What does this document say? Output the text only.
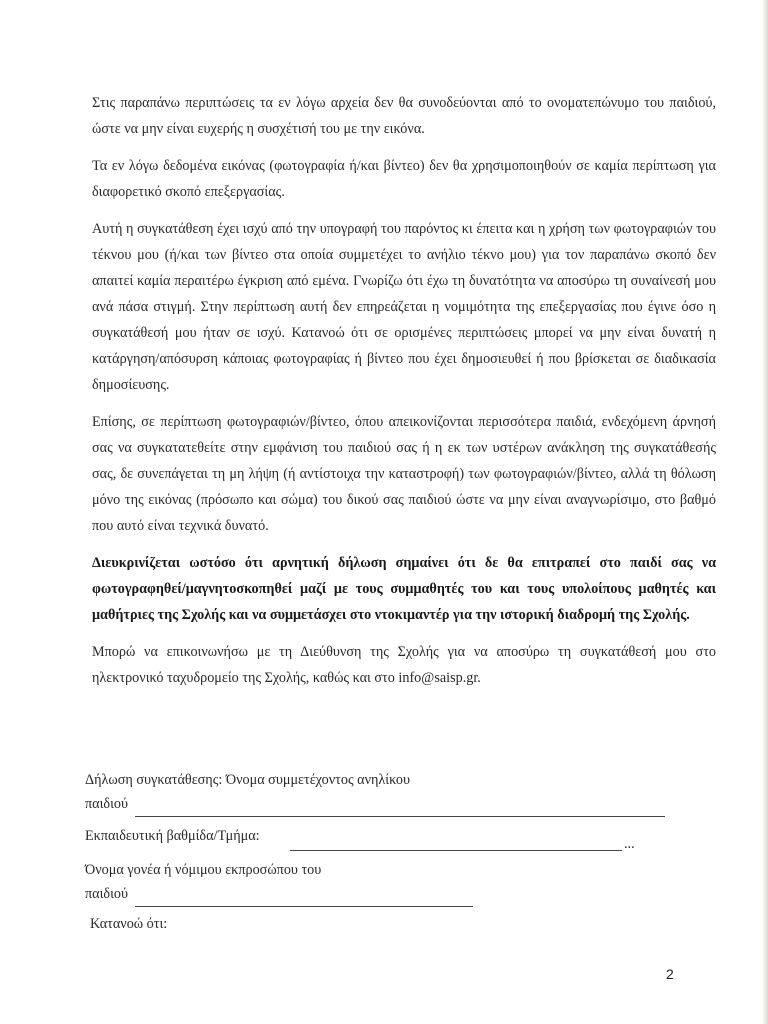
Στις παραπάνω περιπτώσεις τα εν λόγω αρχεία δεν θα συνοδεύονται από το ονοματεπώνυμο του παιδιού, ώστε να μην είναι ευχερής η συσχέτισή του με την εικόνα.

Τα εν λόγω δεδομένα εικόνας (φωτογραφία ή/και βίντεο) δεν θα χρησιμοποιηθούν σε καμία περίπτωση για διαφορετικό σκοπό επεξεργασίας.

Αυτή η συγκατάθεση έχει ισχύ από την υπογραφή του παρόντος κι έπειτα και η χρήση των φωτογραφιών του τέκνου μου (ή/και των βίντεο στα οποία συμμετέχει το ανήλιο τέκνο μου) για τον παραπάνω σκοπό δεν απαιτεί καμία περαιτέρω έγκριση από εμένα. Γνωρίζω ότι έχω τη δυνατότητα να αποσύρω τη συναίνεσή μου ανά πάσα στιγμή. Στην περίπτωση αυτή δεν επηρεάζεται η νομιμότητα της επεξεργασίας που έγινε όσο η συγκατάθεσή μου ήταν σε ισχύ. Κατανοώ ότι σε ορισμένες περιπτώσεις μπορεί να μην είναι δυνατή η κατάργηση/απόσυρση κάποιας φωτογραφίας ή βίντεο που έχει δημοσιευθεί ή που βρίσκεται σε διαδικασία δημοσίευσης.

Επίσης, σε περίπτωση φωτογραφιών/βίντεο, όπου απεικονίζονται περισσότερα παιδιά, ενδεχόμενη άρνησή σας να συγκατατεθείτε στην εμφάνιση του παιδιού σας ή η εκ των υστέρων ανάκληση της συγκατάθεσής σας, δε συνεπάγεται τη μη λήψη (ή αντίστοιχα την καταστροφή) των φωτογραφιών/βίντεο, αλλά τη θόλωση μόνο της εικόνας (πρόσωπο και σώμα) του δικού σας παιδιού ώστε να μην είναι αναγνωρίσιμο, στο βαθμό που αυτό είναι τεχνικά δυνατό.

Διευκρινίζεται ωστόσο ότι αρνητική δήλωση σημαίνει ότι δε θα επιτραπεί στο παιδί σας να φωτογραφηθεί/μαγνητοσκοπηθεί μαζί με τους συμμαθητές του και τους υπολοίπους μαθητές και μαθήτριες της Σχολής και να συμμετάσχει στο ντοκιμαντέρ για την ιστορική διαδρομή της Σχολής.

Μπορώ να επικοινωνήσω με τη Διεύθυνση της Σχολής για να αποσύρω τη συγκατάθεσή μου στο ηλεκτρονικό ταχυδρομείο της Σχολής, καθώς και στο info@saisp.gr.

Δήλωση συγκατάθεσης: Όνομα συμμετέχοντος ανηλίκου
παιδιού
Εκπαιδευτική βαθμίδα/Τμήμα:	...
Όνομα γονέα ή νόμιμου εκπροσώπου του
παιδιού
Κατανοώ ότι:
2
